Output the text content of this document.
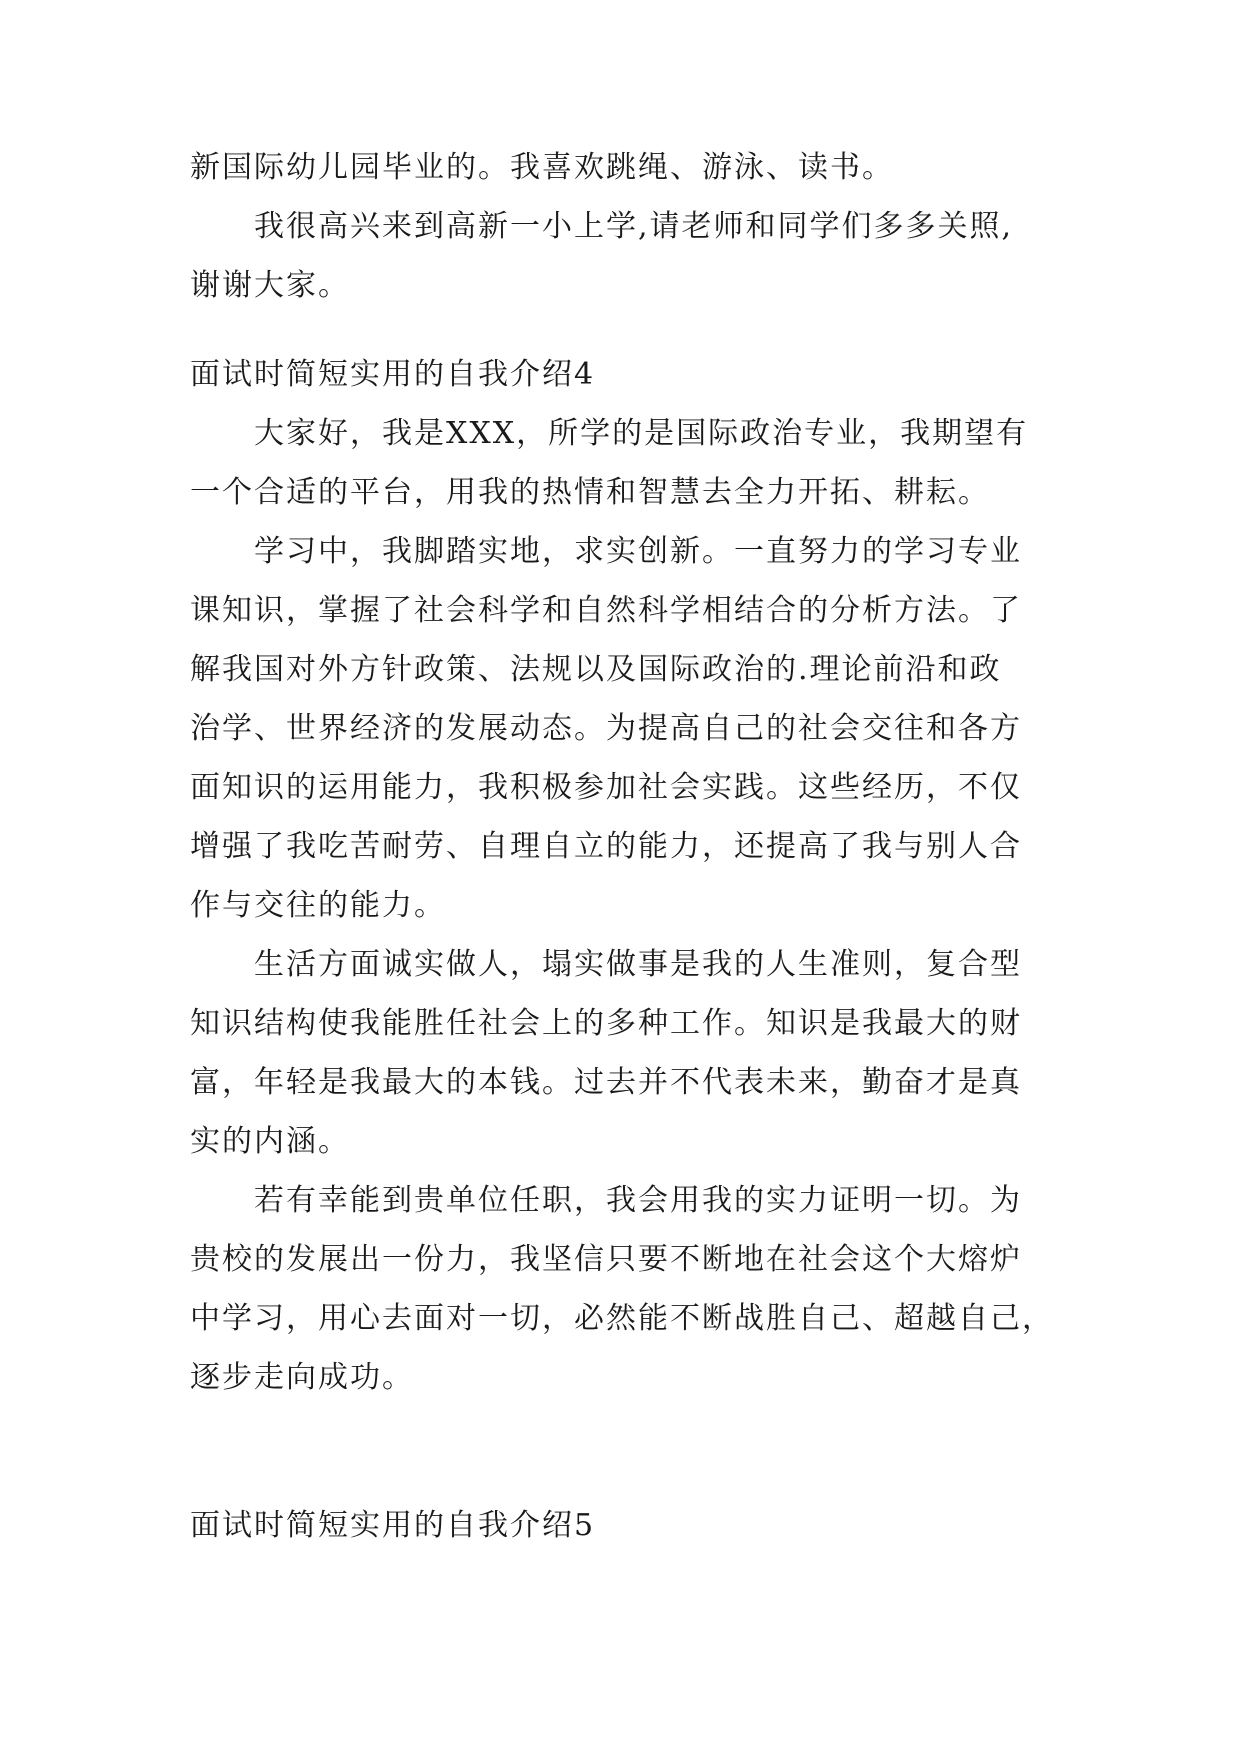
新国际幼儿园毕业的。我喜欢跳绳、游泳、读书。
我很高兴来到高新一小上学,请老师和同学们多多关照,
谢谢大家。
面试时简短实用的自我介绍4
大家好，我是XXX，所学的是国际政治专业，我期望有
一个合适的平台，用我的热情和智慧去全力开拓、耕耘。
学习中，我脚踏实地，求实创新。一直努力的学习专业
课知识，掌握了社会科学和自然科学相结合的分析方法。了
解我国对外方针政策、法规以及国际政治的.理论前沿和政
治学、世界经济的发展动态。为提高自己的社会交往和各方
面知识的运用能力，我积极参加社会实践。这些经历，不仅
增强了我吃苦耐劳、自理自立的能力，还提高了我与别人合
作与交往的能力。
生活方面诚实做人，塌实做事是我的人生准则，复合型
知识结构使我能胜任社会上的多种工作。知识是我最大的财
富，年轻是我最大的本钱。过去并不代表未来，勤奋才是真
实的内涵。
若有幸能到贵单位任职，我会用我的实力证明一切。为
贵校的发展出一份力，我坚信只要不断地在社会这个大熔炉
中学习，用心去面对一切，必然能不断战胜自己、超越自己，
逐步走向成功。
面试时简短实用的自我介绍5
